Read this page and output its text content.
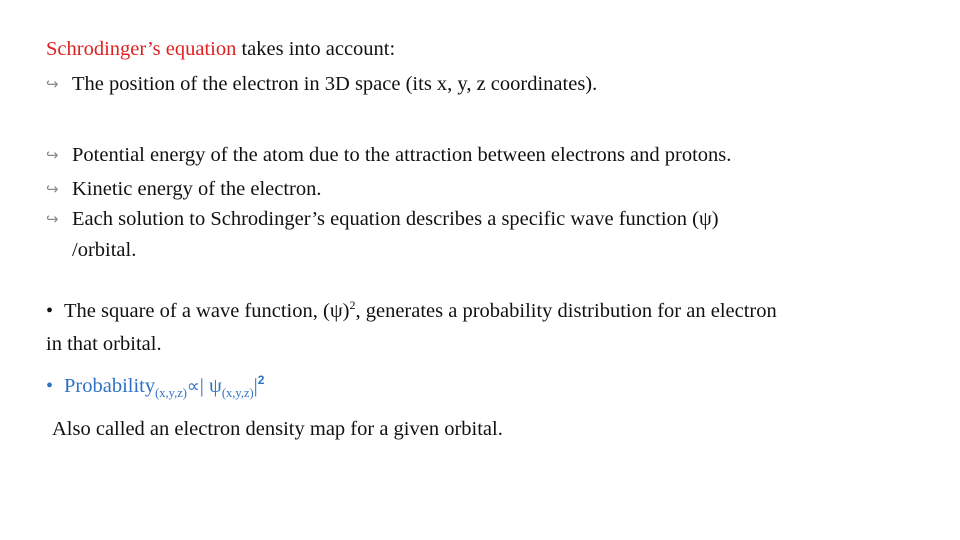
Schrodinger’s equation takes into account:
↪ The position of the electron in 3D space (its x, y, z coordinates).
↪ Potential energy of the atom due to the attraction between electrons and protons.
↪ Kinetic energy of the electron.
↪ Each solution to Schrodinger’s equation describes a specific wave function (ψ)
/orbital.
• The square of a wave function, $(\psi)^2$, generates a probability distribution for an electron
in that orbital.
• Probability$_{(x,y,z)}$∝| $\psi_{(x,y,z)}|^2$
Also called an electron density map for a given orbital.
